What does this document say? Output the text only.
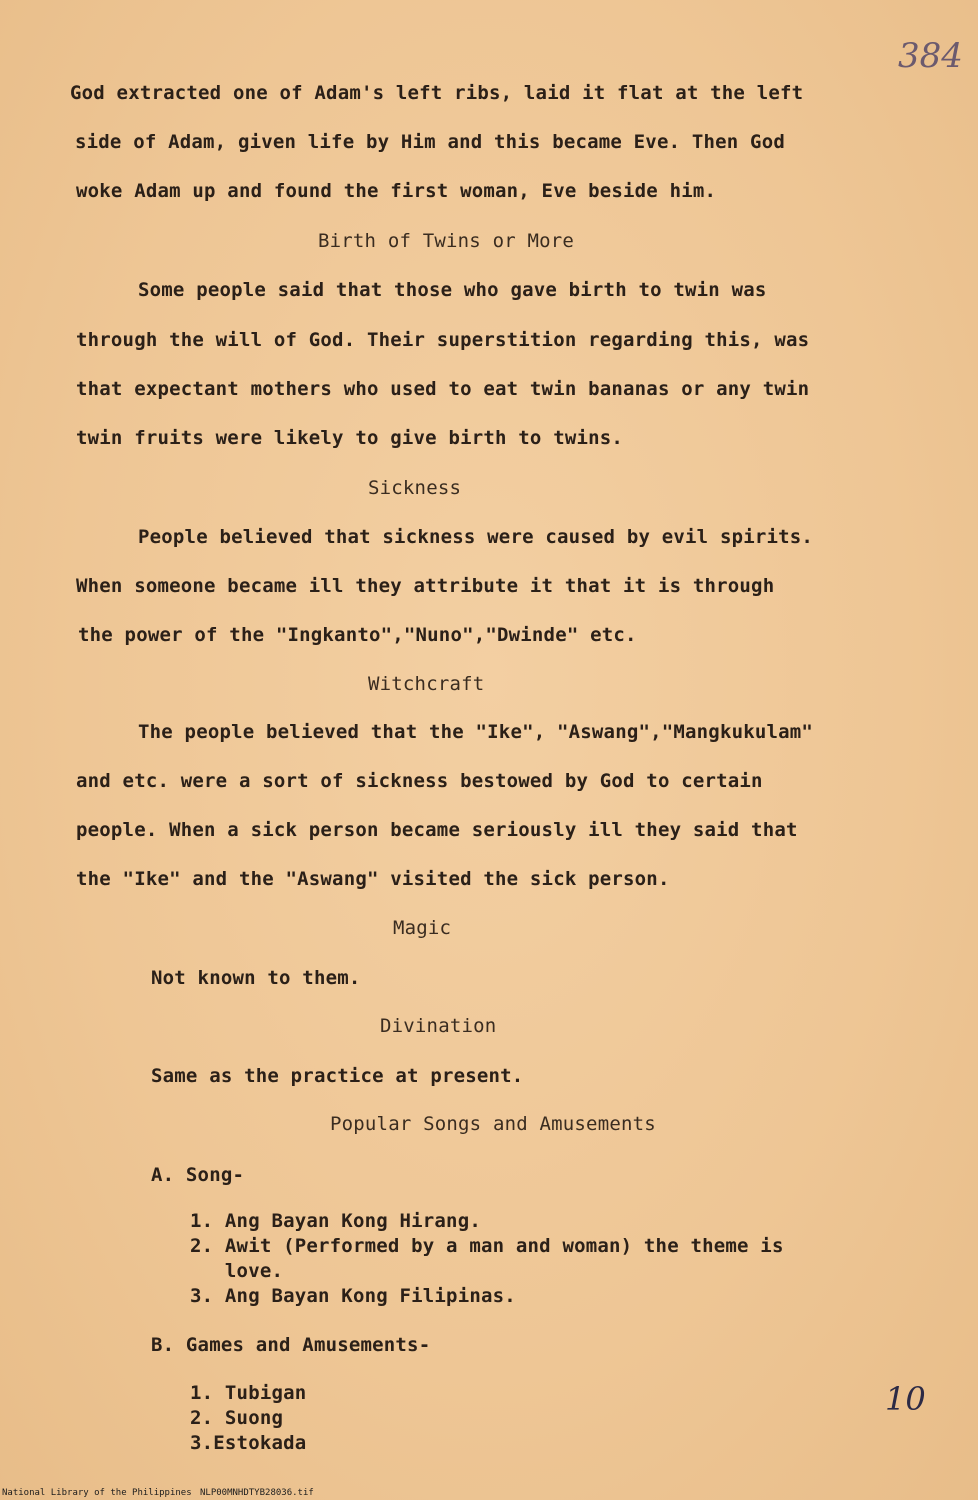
384
God extracted one of Adam's left ribs, laid it flat at the left
side of Adam, given life by Him and this became Eve. Then God
woke Adam up and found the first woman, Eve beside him.
Birth of Twins or More
Some people said that those who gave birth to twin was
through the will of God. Their superstition regarding this, was
that expectant mothers who used to eat twin bananas or any twin
twin fruits were likely to give birth to twins.
Sickness
People believed that sickness were caused by evil spirits.
When someone became ill they attribute it that it is through
the power of the "Ingkanto","Nuno","Dwinde" etc.
Witchcraft
The people believed that the "Ike", "Aswang","Mangkukulam"
and etc. were a sort of sickness bestowed by God to certain
people. When a sick person became seriously ill they said that
the "Ike" and the "Aswang" visited the sick person.
Magic
Not known to them.
Divination
Same as the practice at present.
Popular Songs and Amusements
A. Song-
1. Ang Bayan Kong Hirang.
2. Awit (Performed by a man and woman) the theme is
love.
3. Ang Bayan Kong Filipinas.
B. Games and Amusements-
1. Tubigan
2. Suong
3.Estokada
10
National Library of the Philippines NLP00MNHDTYB28036.tif
